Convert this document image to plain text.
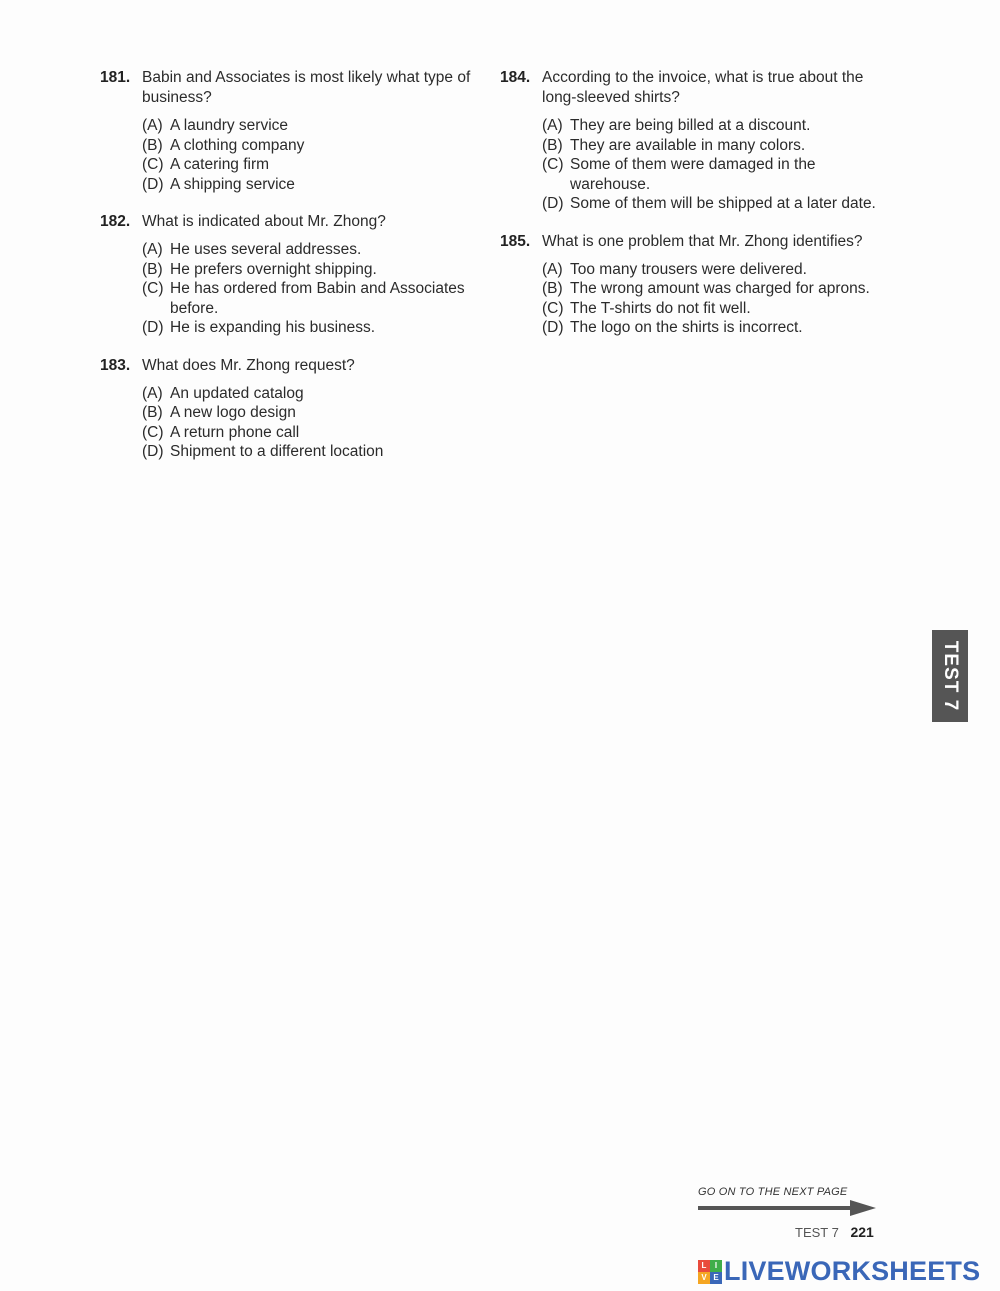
181. Babin and Associates is most likely what type of business?
(A) A laundry service
(B) A clothing company
(C) A catering firm
(D) A shipping service
182. What is indicated about Mr. Zhong?
(A) He uses several addresses.
(B) He prefers overnight shipping.
(C) He has ordered from Babin and Associates before.
(D) He is expanding his business.
183. What does Mr. Zhong request?
(A) An updated catalog
(B) A new logo design
(C) A return phone call
(D) Shipment to a different location
184. According to the invoice, what is true about the long-sleeved shirts?
(A) They are being billed at a discount.
(B) They are available in many colors.
(C) Some of them were damaged in the warehouse.
(D) Some of them will be shipped at a later date.
185. What is one problem that Mr. Zhong identifies?
(A) Too many trousers were delivered.
(B) The wrong amount was charged for aprons.
(C) The T-shirts do not fit well.
(D) The logo on the shirts is incorrect.
TEST 7
GO ON TO THE NEXT PAGE
TEST 7 221
L	I
V E LIVEWORKSHEETS
